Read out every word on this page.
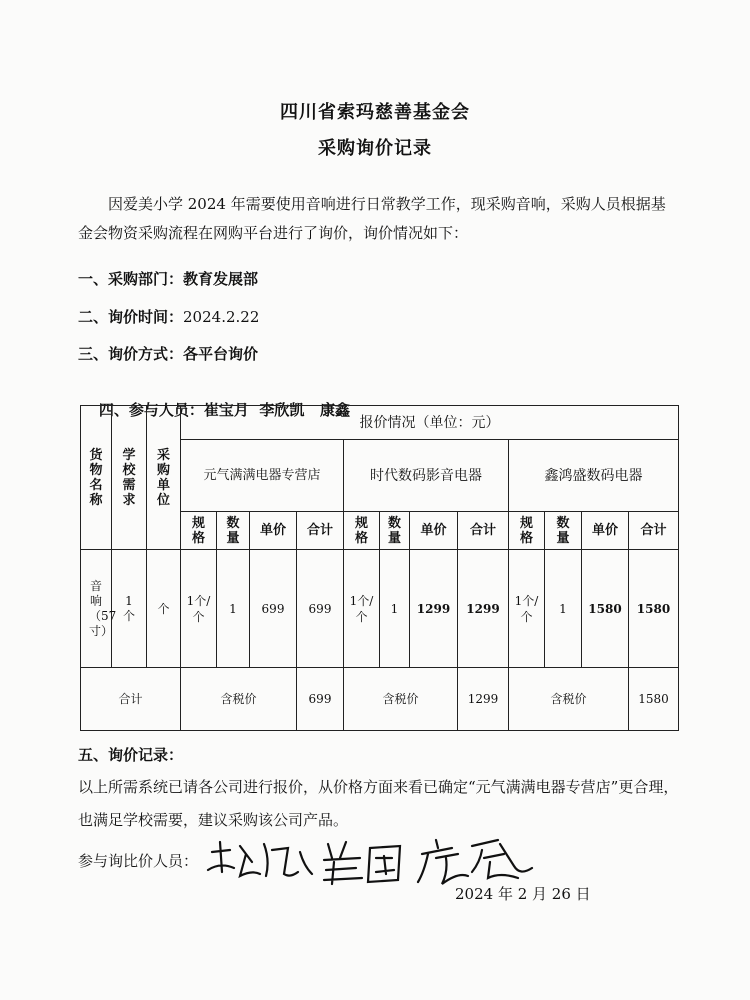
四川省索玛慈善基金会
采购询价记录
因爱美小学 2024 年需要使用音响进行日常教学工作，现采购音响，采购人员根据基金会物资采购流程在网购平台进行了询价，询价情况如下：
一、采购部门：教育发展部
二、询价时间：2024.2.22
三、询价方式：各平台询价

四、参与人员：崔宝月  李欣凯   康鑫

货物名称	学校需求	采购单位	报价情况（单位：元）											

			元气满满电器专营店				时代数码影音电器				鑫鸿盛数码电器			
			规格	数量	单价	合计	规格	数量	单价	合计	规格	数量	单价	合计
音响（57寸）	1个	个	1个/个	1	699	699	1个/个	1	1299	1299	1个/个	1	1580	1580
合计			含税价			699	含税价			1299	含税价			1580
五、询价记录：
以上所需系统已请各公司进行报价，从价格方面来看已确定“元气满满电器专营店”更合理，也满足学校需要，建议采购该公司产品。
参与询比价人员：
2024 年 2 月 26 日
